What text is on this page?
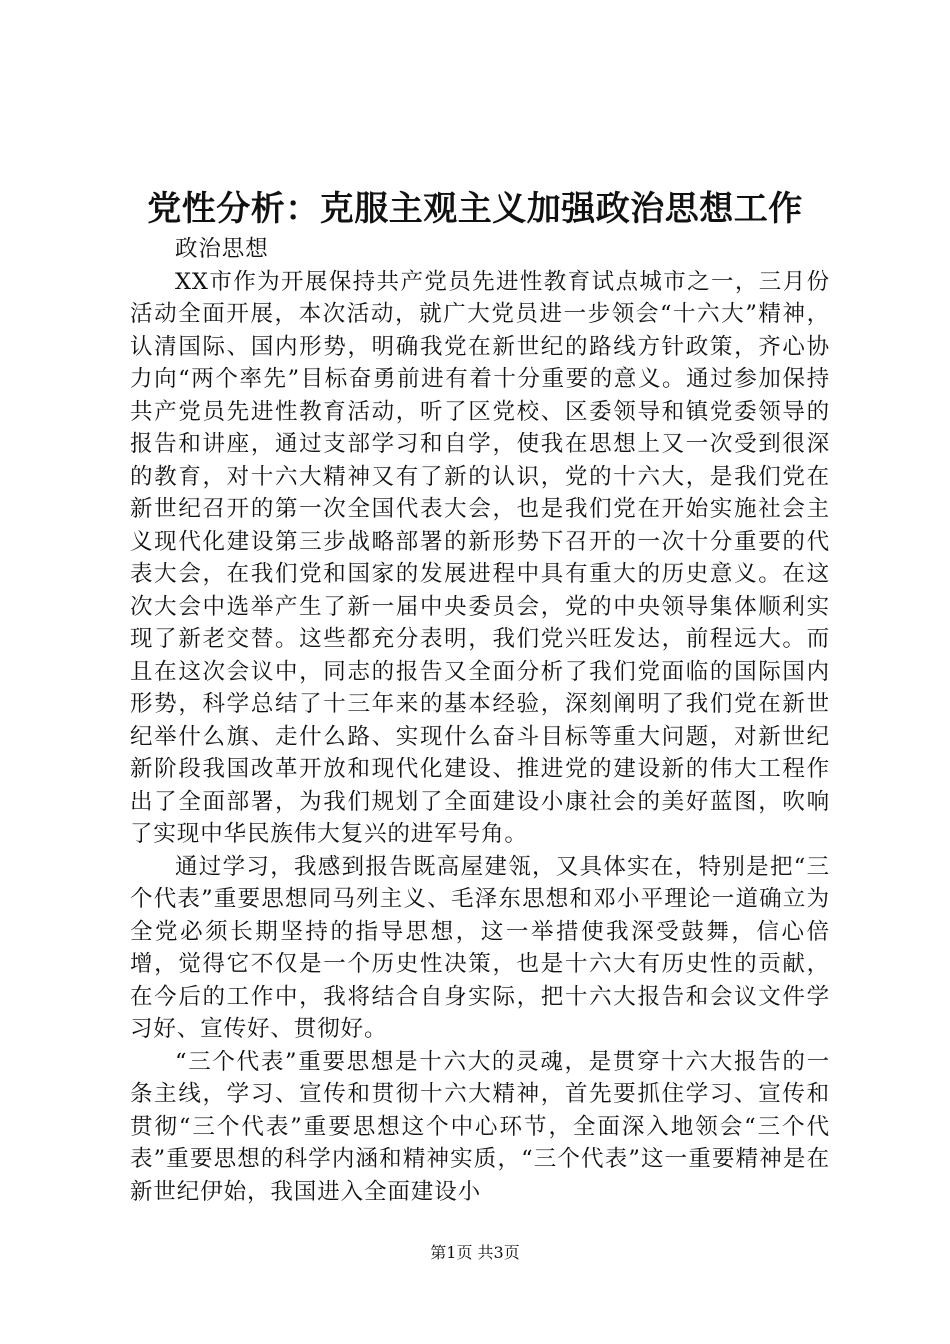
党性分析：克服主观主义加强政治思想工作

政治思想

XX市作为开展保持共产党员先进性教育试点城市之一，三月份活动全面开展，本次活动，就广大党员进一步领会“十六大”精神，认清国际、国内形势，明确我党在新世纪的路线方针政策，齐心协力向“两个率先”目标奋勇前进有着十分重要的意义。通过参加保持共产党员先进性教育活动，听了区党校、区委领导和镇党委领导的报告和讲座，通过支部学习和自学，使我在思想上又一次受到很深的教育，对十六大精神又有了新的认识，党的十六大，是我们党在新世纪召开的第一次全国代表大会，也是我们党在开始实施社会主义现代化建设第三步战略部署的新形势下召开的一次十分重要的代表大会，在我们党和国家的发展进程中具有重大的历史意义。在这次大会中选举产生了新一届中央委员会，党的中央领导集体顺利实现了新老交替。这些都充分表明，我们党兴旺发达，前程远大。而且在这次会议中，同志的报告又全面分析了我们党面临的国际国内形势，科学总结了十三年来的基本经验，深刻阐明了我们党在新世纪举什么旗、走什么路、实现什么奋斗目标等重大问题，对新世纪新阶段我国改革开放和现代化建设、推进党的建设新的伟大工程作出了全面部署，为我们规划了全面建设小康社会的美好蓝图，吹响了实现中华民族伟大复兴的进军号角。

通过学习，我感到报告既高屋建瓴，又具体实在，特别是把“三个代表”重要思想同马列主义、毛泽东思想和邓小平理论一道确立为全党必须长期坚持的指导思想，这一举措使我深受鼓舞，信心倍增，觉得它不仅是一个历史性决策，也是十六大有历史性的贡献，在今后的工作中，我将结合自身实际，把十六大报告和会议文件学习好、宣传好、贯彻好。

“三个代表”重要思想是十六大的灵魂，是贯穿十六大报告的一条主线，学习、宣传和贯彻十六大精神，首先要抓住学习、宣传和贯彻“三个代表”重要思想这个中心环节，全面深入地领会“三个代表”重要思想的科学内涵和精神实质，“三个代表”这一重要精神是在新世纪伊始，我国进入全面建设小

第1页 共3页
